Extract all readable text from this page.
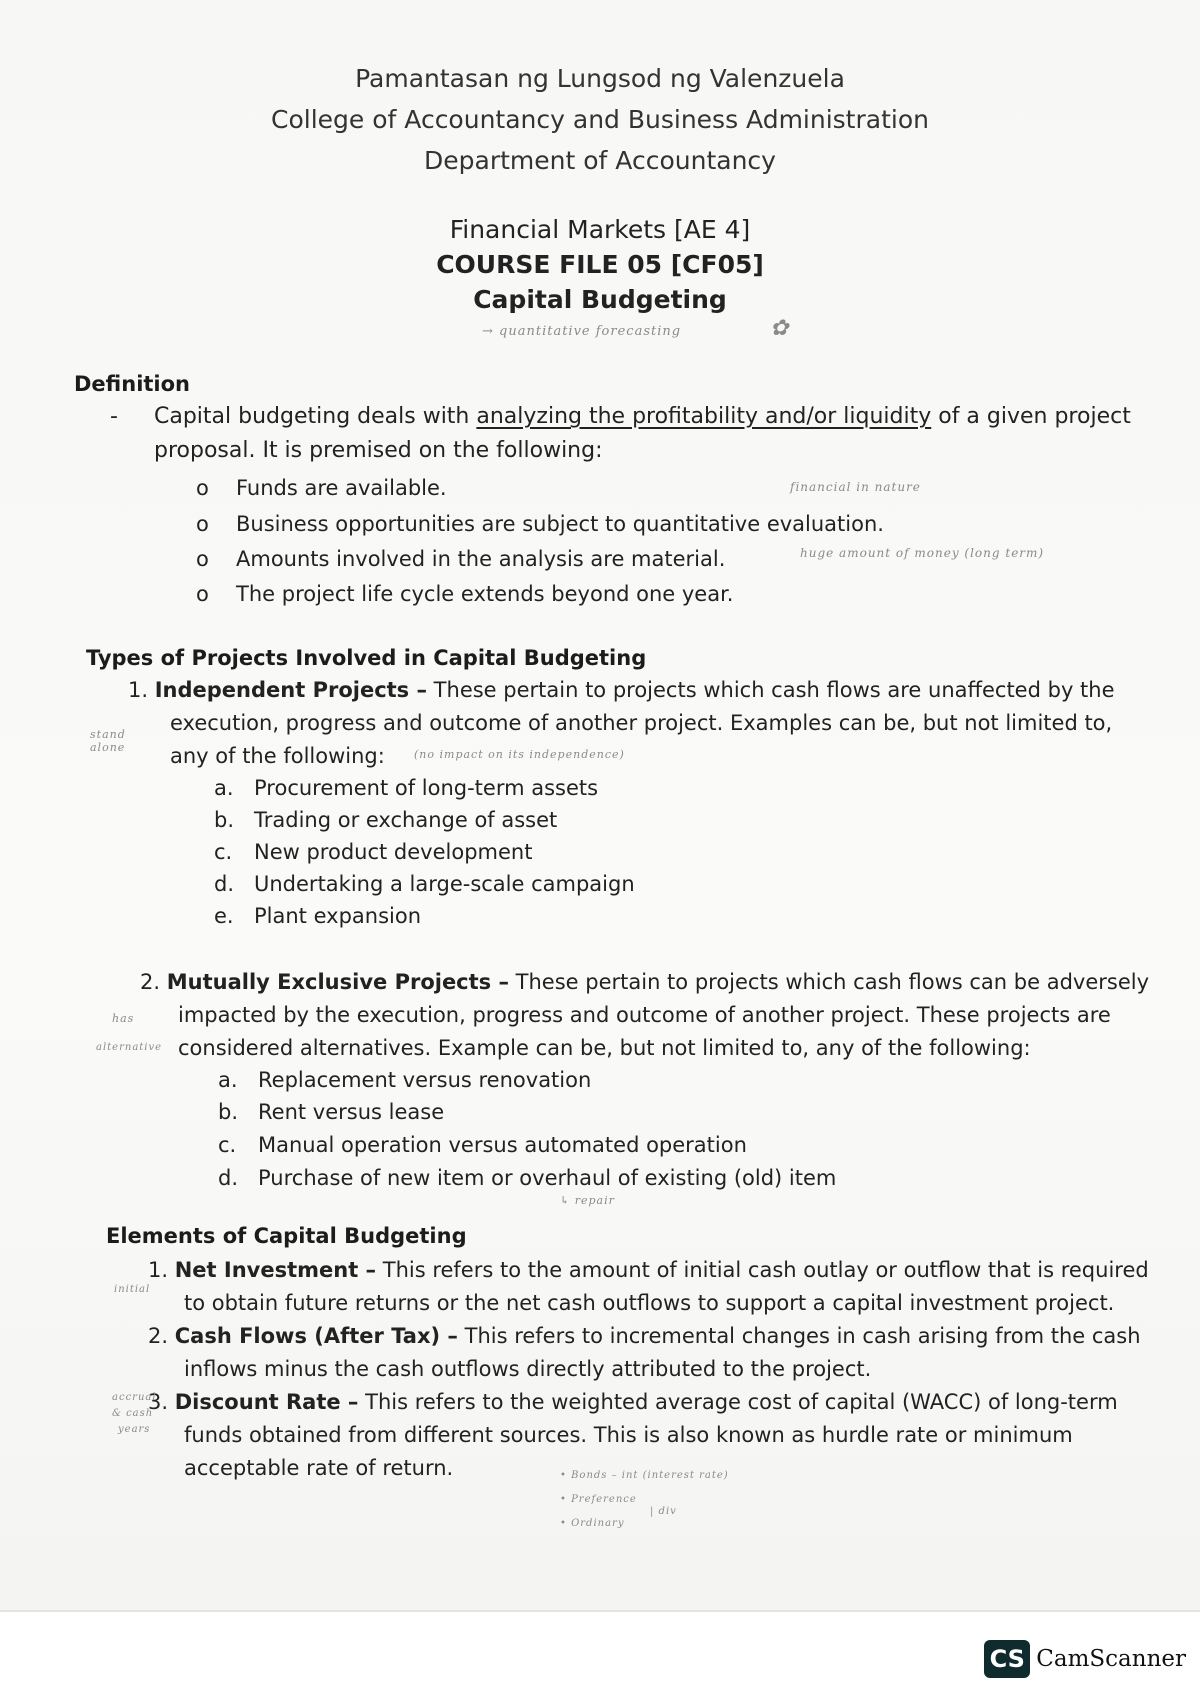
Pamantasan ng Lungsod ng Valenzuela
College of Accountancy and Business Administration
Department of Accountancy
Financial Markets [AE 4]
COURSE FILE 05 [CF05]
Capital Budgeting
→ quantitative forecasting	✿
Definition
- Capital budgeting deals with analyzing the profitability and/or liquidity of a given project
proposal. It is premised on the following:
o Funds are available.
o Business opportunities are subject to quantitative evaluation.
o Amounts involved in the analysis are material.
o The project life cycle extends beyond one year.
financial in nature
huge amount of money (long term)
Types of Projects Involved in Capital Budgeting
1. Independent Projects – These pertain to projects which cash flows are unaffected by the
execution, progress and outcome of another project. Examples can be, but not limited to,
any of the following:
stand alone
(no impact on its independence)
a. Procurement of long-term assets
b. Trading or exchange of asset
c. New product development
d. Undertaking a large-scale campaign
e. Plant expansion
2. Mutually Exclusive Projects – These pertain to projects which cash flows can be adversely
impacted by the execution, progress and outcome of another project. These projects are
considered alternatives. Example can be, but not limited to, any of the following:
has
alternative
a. Replacement versus renovation
b. Rent versus lease
c. Manual operation versus automated operation
d. Purchase of new item or overhaul of existing (old) item
↳ repair
Elements of Capital Budgeting
1. Net Investment – This refers to the amount of initial cash outlay or outflow that is required
to obtain future returns or the net cash outflows to support a capital investment project.
initial
2. Cash Flows (After Tax) – This refers to incremental changes in cash arising from the cash
inflows minus the cash outflows directly attributed to the project.
3. Discount Rate – This refers to the weighted average cost of capital (WACC) of long-term
funds obtained from different sources. This is also known as hurdle rate or minimum
acceptable rate of return.
accrual
& cash
years
• Bonds – int (interest rate)
• Preference
• Ordinary
| div
CS CamScanner
